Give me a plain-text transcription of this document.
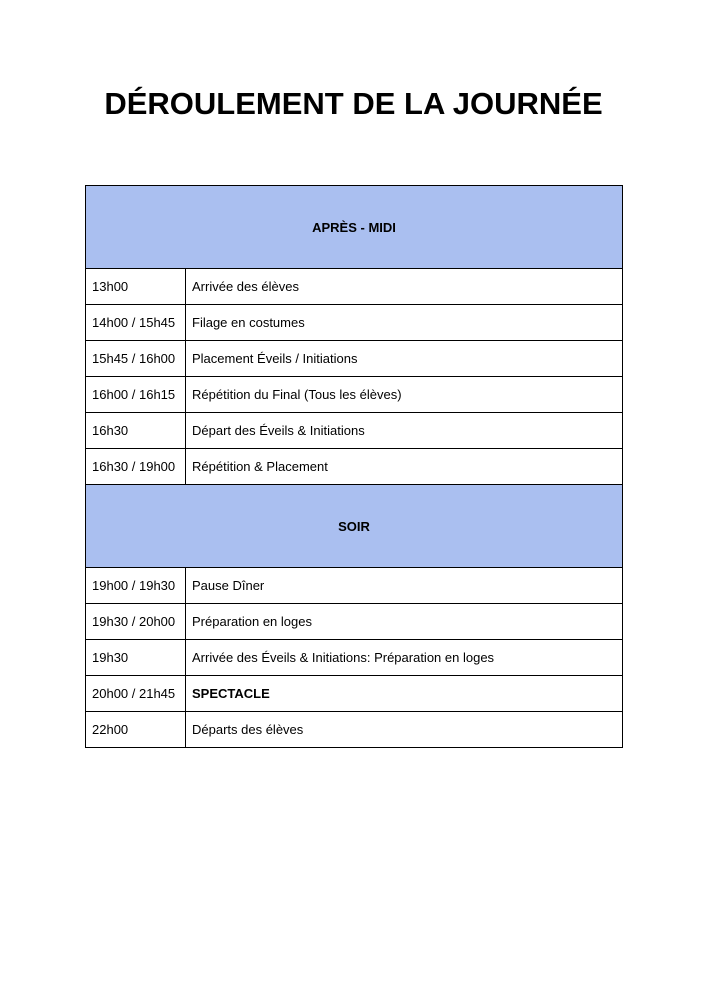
DÉROULEMENT DE LA JOURNÉE
APRÈS - MIDI	
13h00	Arrivée des élèves
14h00 / 15h45	Filage en costumes
15h45 / 16h00	Placement Éveils / Initiations
16h00 / 16h15	Répétition du Final (Tous les élèves)
16h30	Départ des Éveils & Initiations
16h30 / 19h00	Répétition & Placement
SOIR	
19h00 / 19h30	Pause Dîner
19h30 / 20h00	Préparation en loges
19h30	Arrivée des Éveils & Initiations: Préparation en loges
20h00 / 21h45	SPECTACLE
22h00	Départs des élèves
